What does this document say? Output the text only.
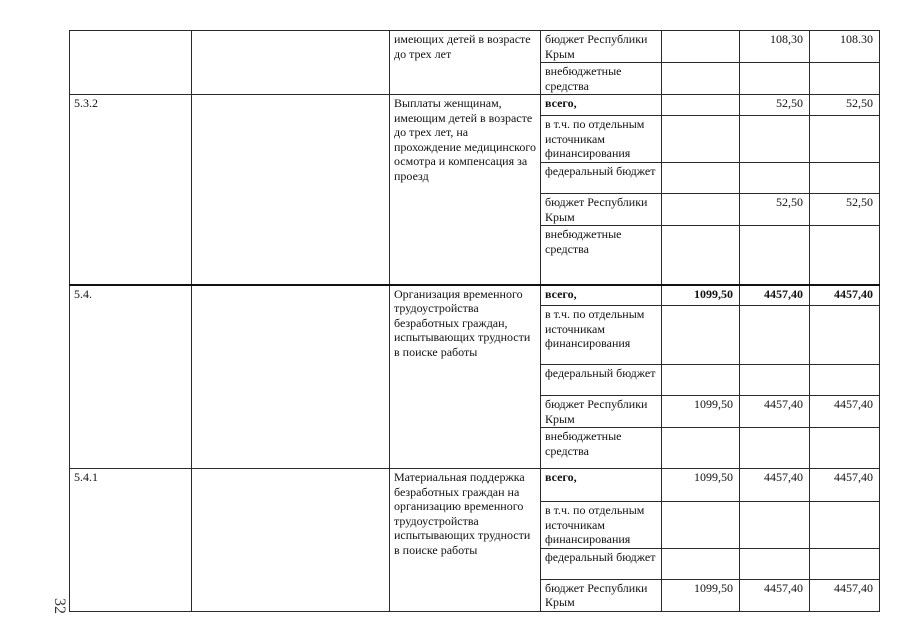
		имеющих детей в возрасте до трех лет	бюджет Республики Крым		108,30	108.30
			внебюджетные средства			
5.3.2		Выплаты женщинам, имеющим детей в возрасте до трех лет, на прохождение медицинского осмотра и компенсация за проезд	всего,		52,50	52,50
			в т.ч. по отдельным источникам финансирования			
			федеральный бюджет			
			бюджет Республики Крым		52,50	52,50
			внебюджетные средства			
5.4.		Организация временного трудоустройства безработных граждан, испытывающих трудности в поиске работы	всего,	1099,50	4457,40	4457,40
			в т.ч. по отдельным источникам финансирования			
			федеральный бюджет			
			бюджет Республики Крым	1099,50	4457,40	4457,40
			внебюджетные средства			
5.4.1		Материальная поддержка безработных граждан на организацию временного трудоустройства испытывающих трудности в поиске работы	всего,	1099,50	4457,40	4457,40
			в т.ч. по отдельным источникам финансирования			
			федеральный бюджет			
			бюджет Республики Крым	1099,50	4457,40	4457,40
32
